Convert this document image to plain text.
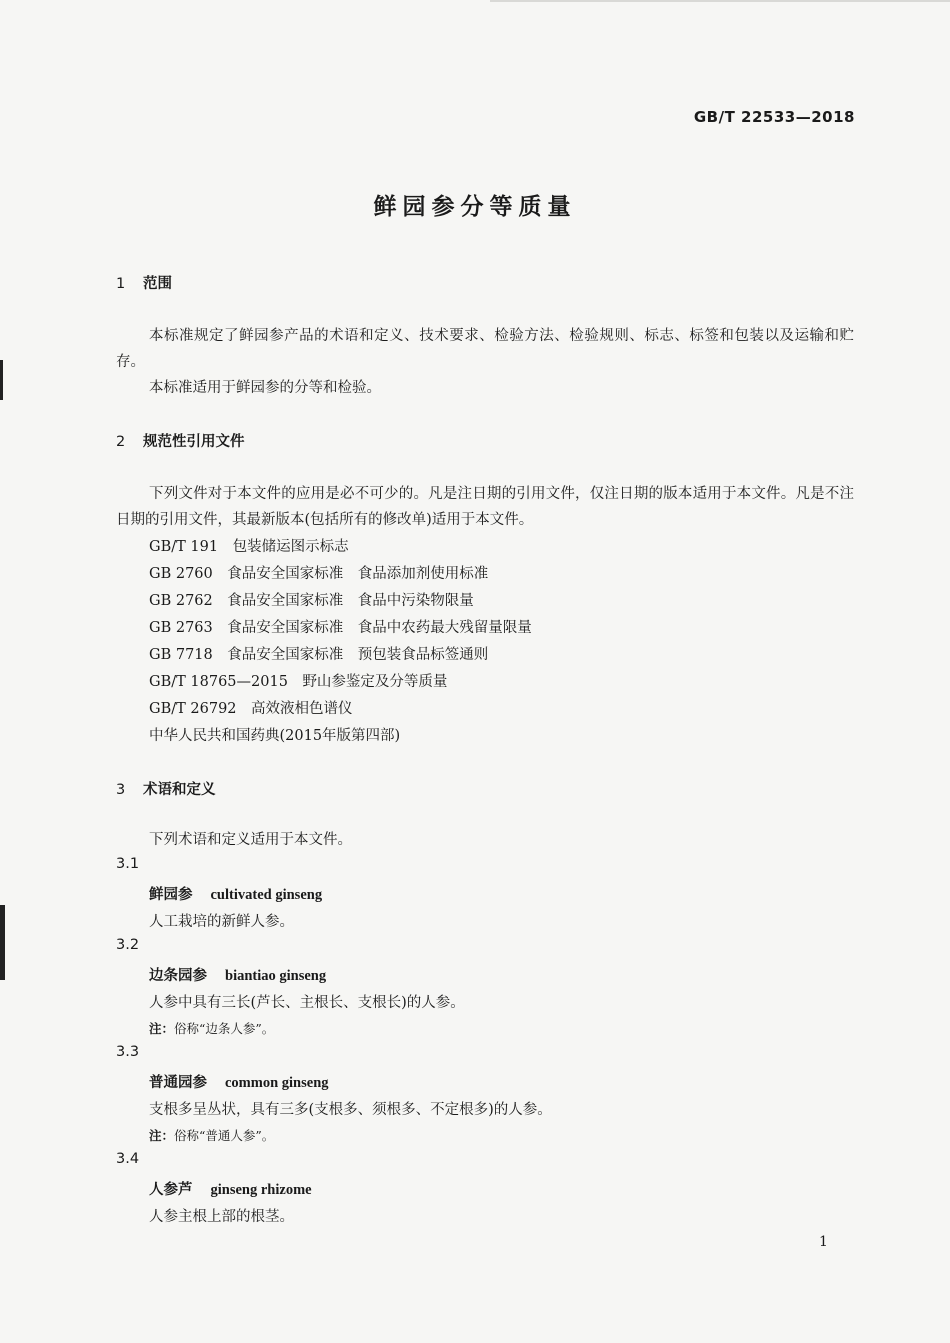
GB/T 22533—2018
鲜园参分等质量
1 范围
本标准规定了鲜园参产品的术语和定义、技术要求、检验方法、检验规则、标志、标签和包装以及运输和贮存。
本标准适用于鲜园参的分等和检验。
2 规范性引用文件
下列文件对于本文件的应用是必不可少的。凡是注日期的引用文件，仅注日期的版本适用于本文件。凡是不注日期的引用文件，其最新版本(包括所有的修改单)适用于本文件。
GB/T 191　 包装储运图示标志
GB 2760　 食品安全国家标准　食品添加剂使用标准
GB 2762　 食品安全国家标准　食品中污染物限量
GB 2763　 食品安全国家标准　食品中农药最大残留量限量
GB 7718　 食品安全国家标准　预包装食品标签通则
GB/T 18765—2015　 野山参鉴定及分等质量
GB/T 26792　 高效液相色谱仪
中华人民共和国药典(2015年版第四部)
3 术语和定义
下列术语和定义适用于本文件。
3.1
鲜园参 cultivated ginseng
人工栽培的新鲜人参。
3.2
边条园参 biantiao ginseng
人参中具有三长(芦长、主根长、支根长)的人参。
注：俗称“边条人参”。
3.3
普通园参 common ginseng
支根多呈丛状，具有三多(支根多、须根多、不定根多)的人参。
注：俗称“普通人参”。
3.4
人参芦 ginseng rhizome
人参主根上部的根茎。
1
